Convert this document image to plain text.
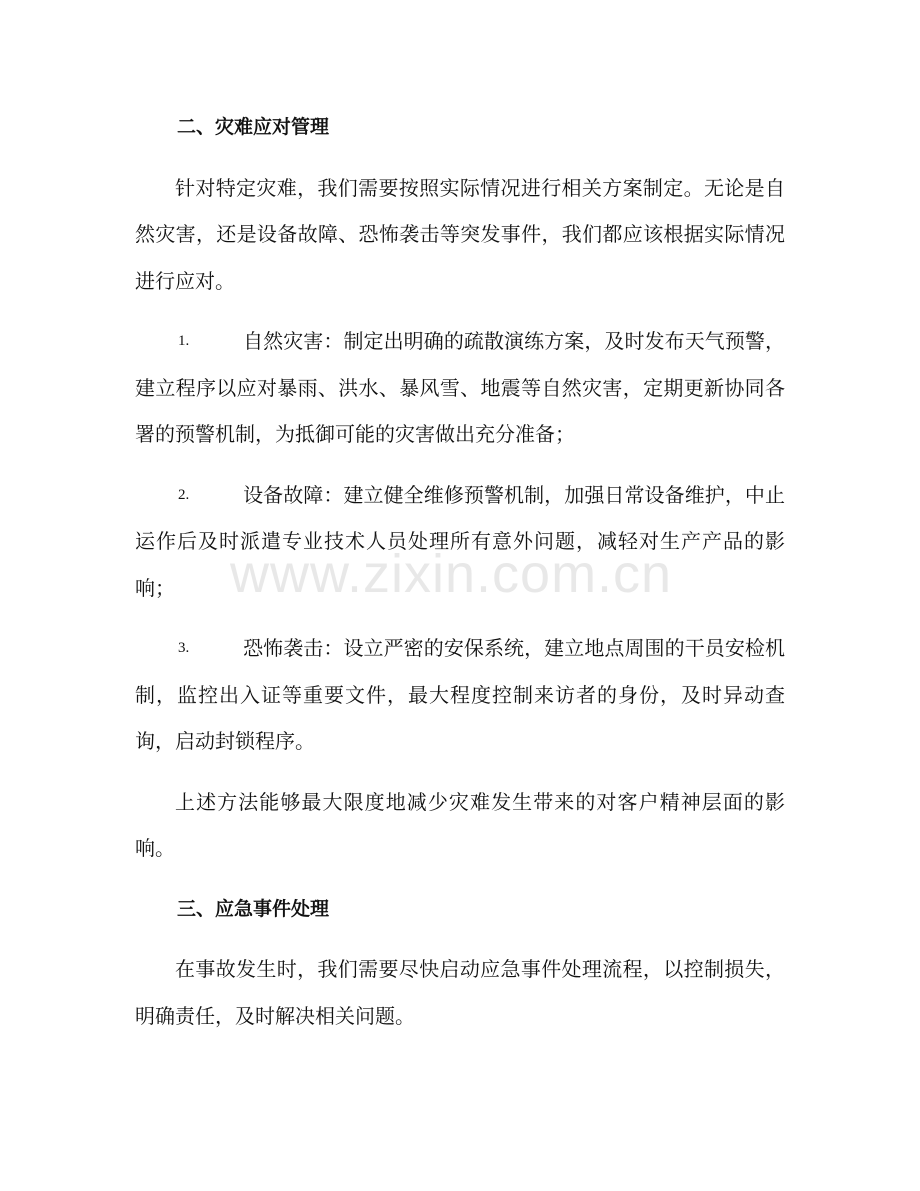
二、灾难应对管理

针对特定灾难，我们需要按照实际情况进行相关方案制定。无论是自然灾害，还是设备故障、恐怖袭击等突发事件，我们都应该根据实际情况进行应对。

1.	自然灾害：制定出明确的疏散演练方案，及时发布天气预警，建立程序以应对暴雨、洪水、暴风雪、地震等自然灾害，定期更新协同各署的预警机制，为抵御可能的灾害做出充分准备；

2.	设备故障：建立健全维修预警机制，加强日常设备维护，中止运作后及时派遣专业技术人员处理所有意外问题，减轻对生产产品的影响；

3.	恐怖袭击：设立严密的安保系统，建立地点周围的干员安检机制，监控出入证等重要文件，最大程度控制来访者的身份，及时异动查询，启动封锁程序。

上述方法能够最大限度地减少灾难发生带来的对客户精神层面的影响。

三、应急事件处理

在事故发生时，我们需要尽快启动应急事件处理流程，以控制损失，明确责任，及时解决相关问题。

www.zixin.com.cn
